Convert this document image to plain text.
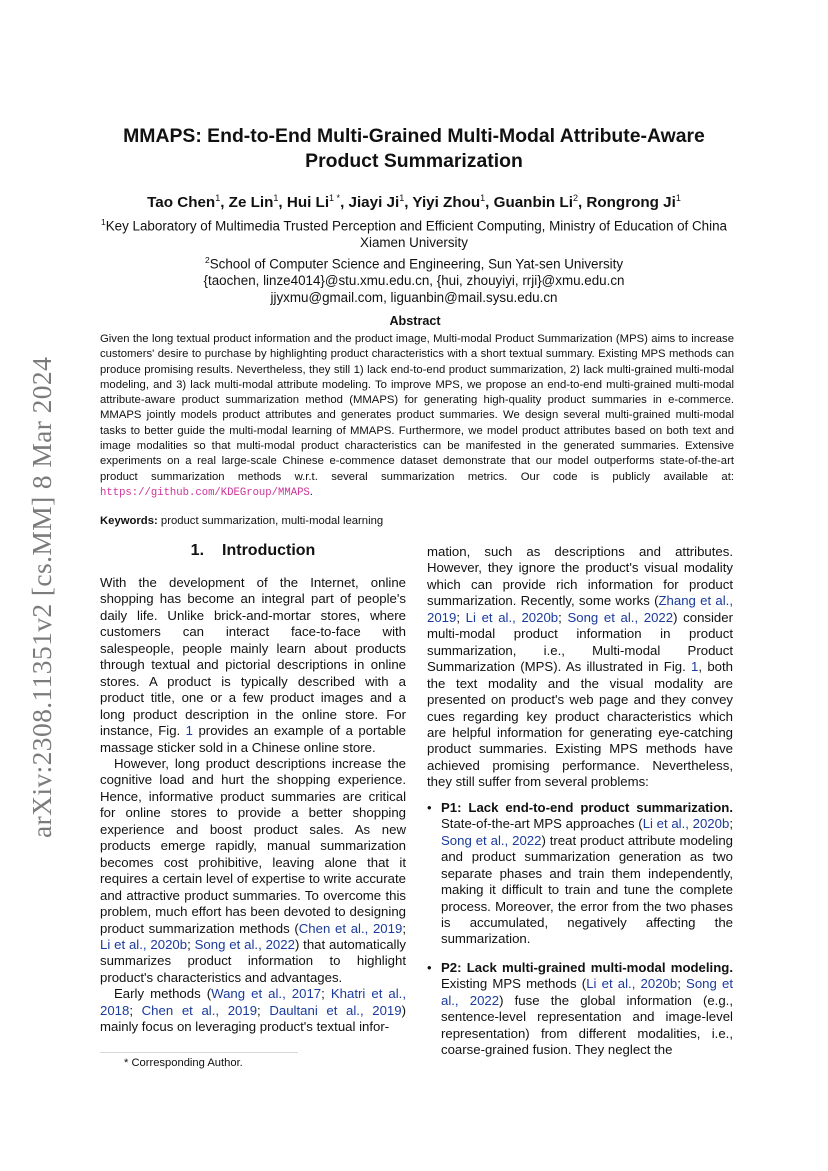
arXiv:2308.11351v2 [cs.MM] 8 Mar 2024
MMAPS: End-to-End Multi-Grained Multi-Modal Attribute-Aware
Product Summarization
Tao Chen$^1$, Ze Lin$^1$, Hui $Li^{1 *}$, Jiayi Ji$^1$, Yiyi Zhou$^1$, Guanbin Li$^2$, Rongrong Ji$^1$
$^1$Key Laboratory of Multimedia Trusted Perception and Efficient Computing, Ministry of Education of China
Xiamen University
$^2$School of Computer Science and Engineering, Sun Yat-sen University
{taochen, linze4014}@stu.xmu.edu.cn, {hui, zhouyiyi, rrji}@xmu.edu.cn
jjyxmu@gmail.com, liguanbin@mail.sysu.edu.cn
Abstract
Given the long textual product information and the product image, Multi-modal Product Summarization (MPS) aims to increase customers' desire to purchase by highlighting product characteristics with a short textual summary. Existing MPS methods can produce promising results. Nevertheless, they still 1) lack end-to-end product summarization, 2) lack multi-grained multi-modal modeling, and 3) lack multi-modal attribute modeling. To improve MPS, we propose an end-to-end multi-grained multi-modal attribute-aware product summarization method (MMAPS) for generating high-quality product summaries in e-commerce. MMAPS jointly models product attributes and generates product summaries. We design several multi-grained multi-modal tasks to better guide the multi-modal learning of MMAPS. Furthermore, we model product attributes based on both text and image modalities so that multi-modal product characteristics can be manifested in the generated summaries. Extensive experiments on a real large-scale Chinese e-commence dataset demonstrate that our model outperforms state-of-the-art product summarization methods w.r.t. several summarization metrics. Our code is publicly available at: https://github.com/KDEGroup/MMAPS.
Keywords: product summarization, multi-modal learning
1. Introduction

With the development of the Internet, online shopping has become an integral part of people's daily life. Unlike brick-and-mortar stores, where customers can interact face-to-face with salespeople, people mainly learn about products through textual and pictorial descriptions in online stores. A product is typically described with a product title, one or a few product images and a long product description in the online store. For instance, Fig. 1 provides an example of a portable massage sticker sold in a Chinese online store.

However, long product descriptions increase the cognitive load and hurt the shopping experience. Hence, informative product summaries are critical for online stores to provide a better shopping experience and boost product sales. As new products emerge rapidly, manual summarization becomes cost prohibitive, leaving alone that it requires a certain level of expertise to write accurate and attractive product summaries. To overcome this problem, much effort has been devoted to designing product summarization methods (Chen et al., 2019; Li et al., 2020b; Song et al., 2022) that automatically summarizes product information to highlight product's characteristics and advantages.

Early methods (Wang et al., 2017; Khatri et al., 2018; Chen et al., 2019; Daultani et al., 2019) mainly focus on leveraging product's textual infor-

mation, such as descriptions and attributes. However, they ignore the product's visual modality which can provide rich information for product summarization. Recently, some works (Zhang et al., 2019; Li et al., 2020b; Song et al., 2022) consider multi-modal product information in product summarization, i.e., Multi-modal Product Summarization (MPS). As illustrated in Fig. 1, both the text modality and the visual modality are presented on product's web page and they convey cues regarding key product characteristics which are helpful information for generating eye-catching product summaries. Existing MPS methods have achieved promising performance. Nevertheless, they still suffer from several problems:

• P1: Lack end-to-end product summarization. State-of-the-art MPS approaches (Li et al., 2020b; Song et al., 2022) treat product attribute modeling and product summarization generation as two separate phases and train them independently, making it difficult to train and tune the complete process. Moreover, the error from the two phases is accumulated, negatively affecting the summarization.
• P2: Lack multi-grained multi-modal modeling. Existing MPS methods (Li et al., 2020b; Song et al., 2022) fuse the global information (e.g., sentence-level representation and image-level representation) from different modalities, i.e., coarse-grained fusion. They neglect the
* Corresponding Author.
